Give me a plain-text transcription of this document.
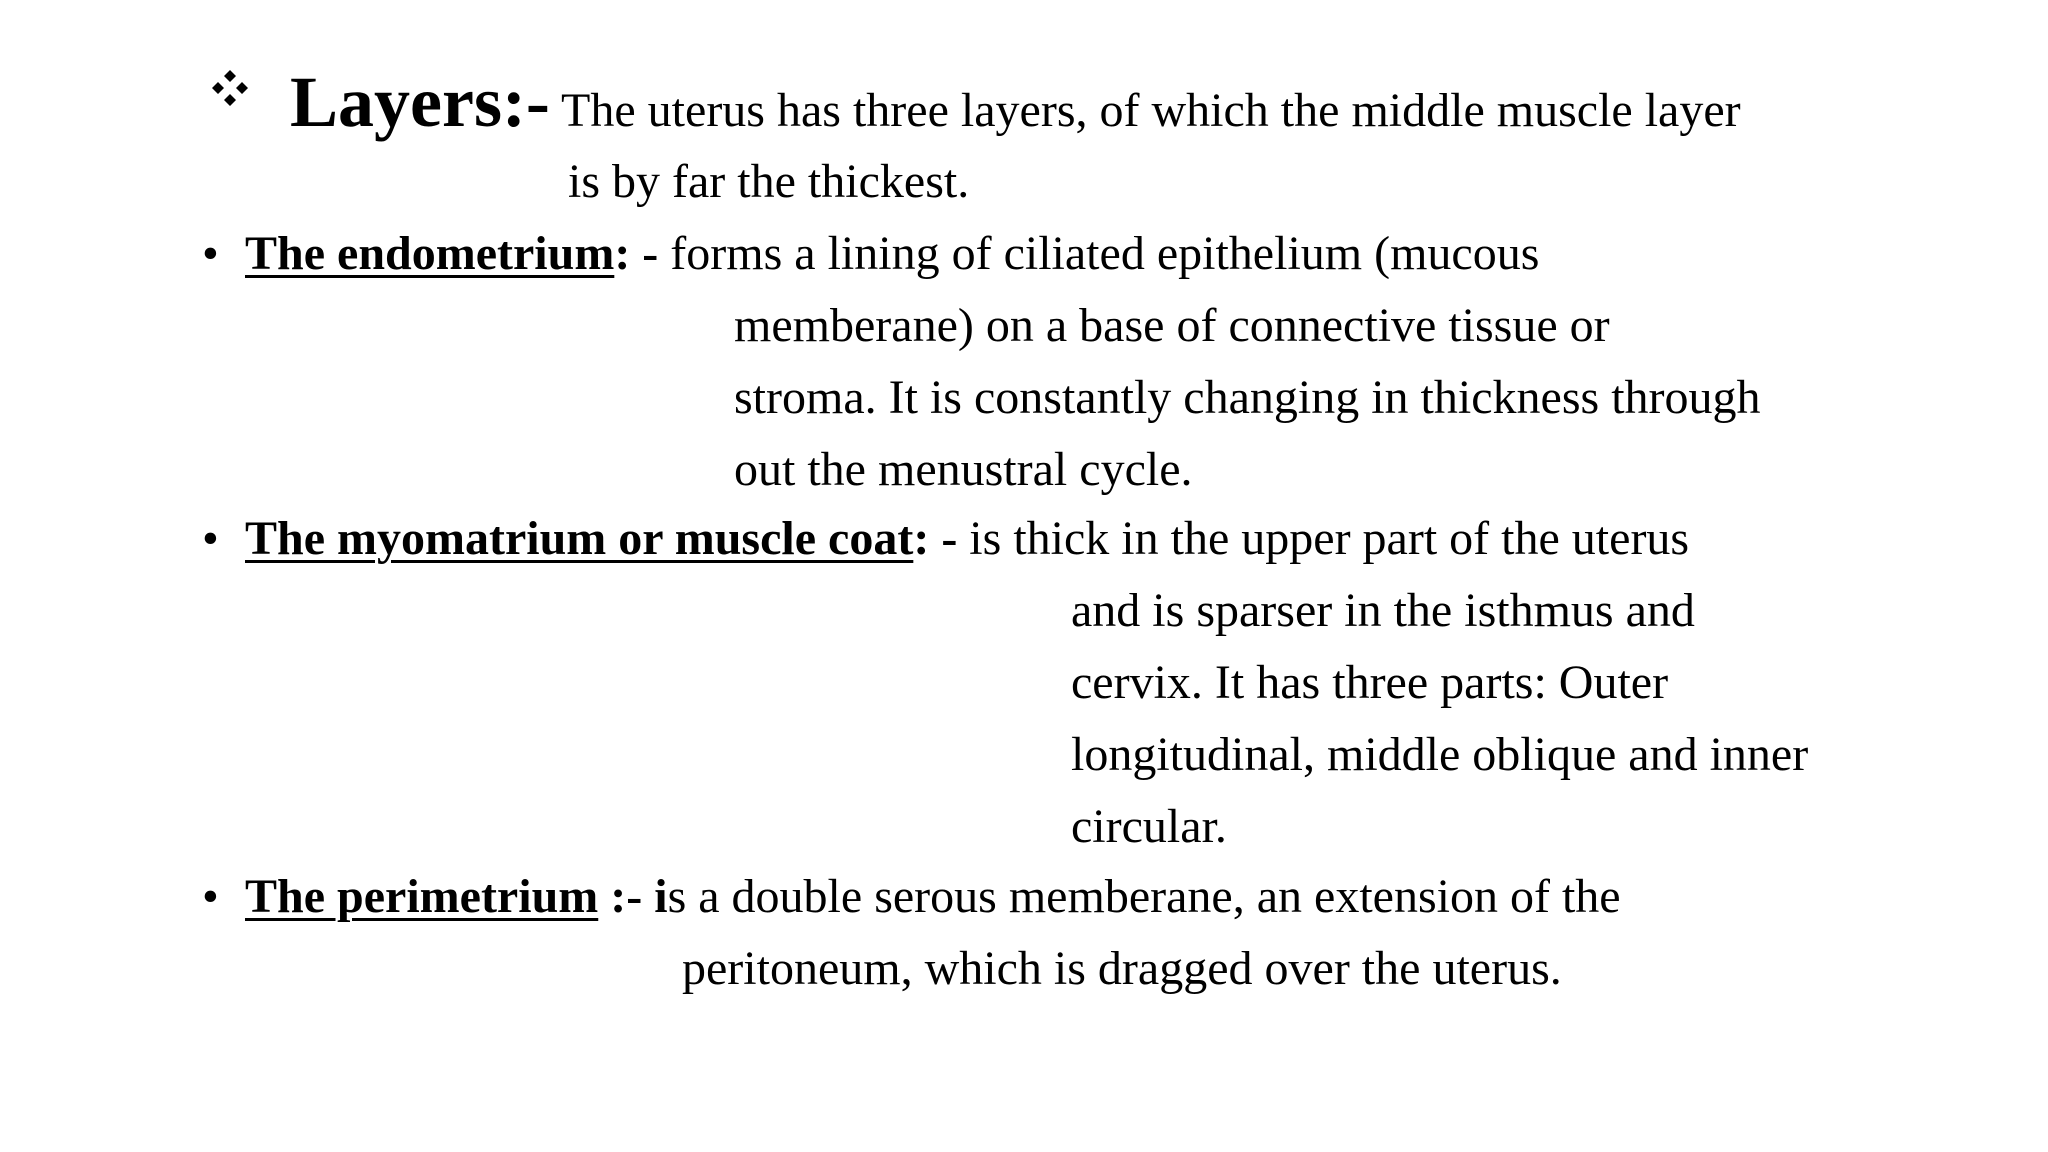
Layers:- The uterus has three layers, of which the middle muscle layer
is by far the thickest.
• The endometrium: - forms a lining of ciliated epithelium (mucous
memberane) on a base of connective tissue or
stroma. It is constantly changing in thickness through
out the menustral cycle.
• The myomatrium or muscle coat: - is thick in the upper part of the uterus
and is sparser in the isthmus and
cervix. It has three parts: Outer
longitudinal, middle oblique and inner
circular.
• The perimetrium :- is a double serous memberane, an extension of the
peritoneum, which is dragged over the uterus.
